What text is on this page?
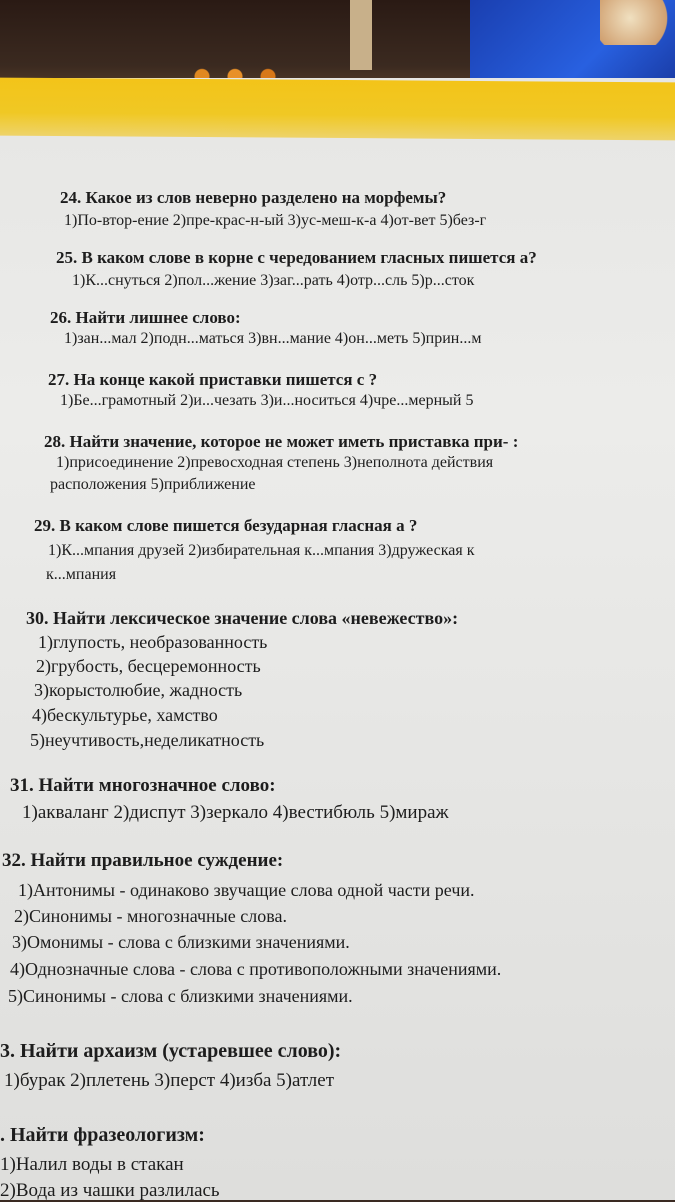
24. Какое из слов неверно разделено на морфемы?
1)По-втор-ение 2)пре-крас-н-ый 3)ус-меш-к-а 4)от-вет 5)без-г
25. В каком слове в корне с чередованием гласных пишется а?
1)К...снуться 2)пол...жение 3)заг...рать 4)отр...сль 5)р...сток
26. Найти лишнее слово:
1)зан...мал 2)подн...маться 3)вн...мание 4)он...меть 5)прин...м
27. На конце какой приставки пишется с ?
1)Бе...грамотный 2)и...чезать 3)и...носиться 4)чре...мерный 5
28. Найти значение, которое не может иметь приставка при- :
1)присоединение 2)превосходная степень 3)неполнота действия
расположения 5)приближение
29. В каком слове пишется безударная гласная а ?
1)К...мпания друзей 2)избирательная к...мпания 3)дружеская к
к...мпания
30. Найти лексическое значение слова «невежество»:
1)глупость, необразованность
2)грубость, бесцеремонность
3)корыстолюбие, жадность
4)бескультурье, хамство
5)неучтивость,неделикатность
31. Найти многозначное слово:
1)акваланг 2)диспут 3)зеркало 4)вестибюль 5)мираж
32. Найти правильное суждение:
1)Антонимы - одинаково звучащие слова одной части речи.
2)Синонимы - многозначные слова.
3)Омонимы - слова с близкими значениями.
4)Однозначные слова - слова с противоположными значениями.
5)Синонимы - слова с близкими значениями.
3. Найти архаизм (устаревшее слово):
1)бурак 2)плетень 3)перст 4)изба 5)атлет
. Найти фразеологизм:
1)Налил воды в стакан
2)Вода из чашки разлилась
